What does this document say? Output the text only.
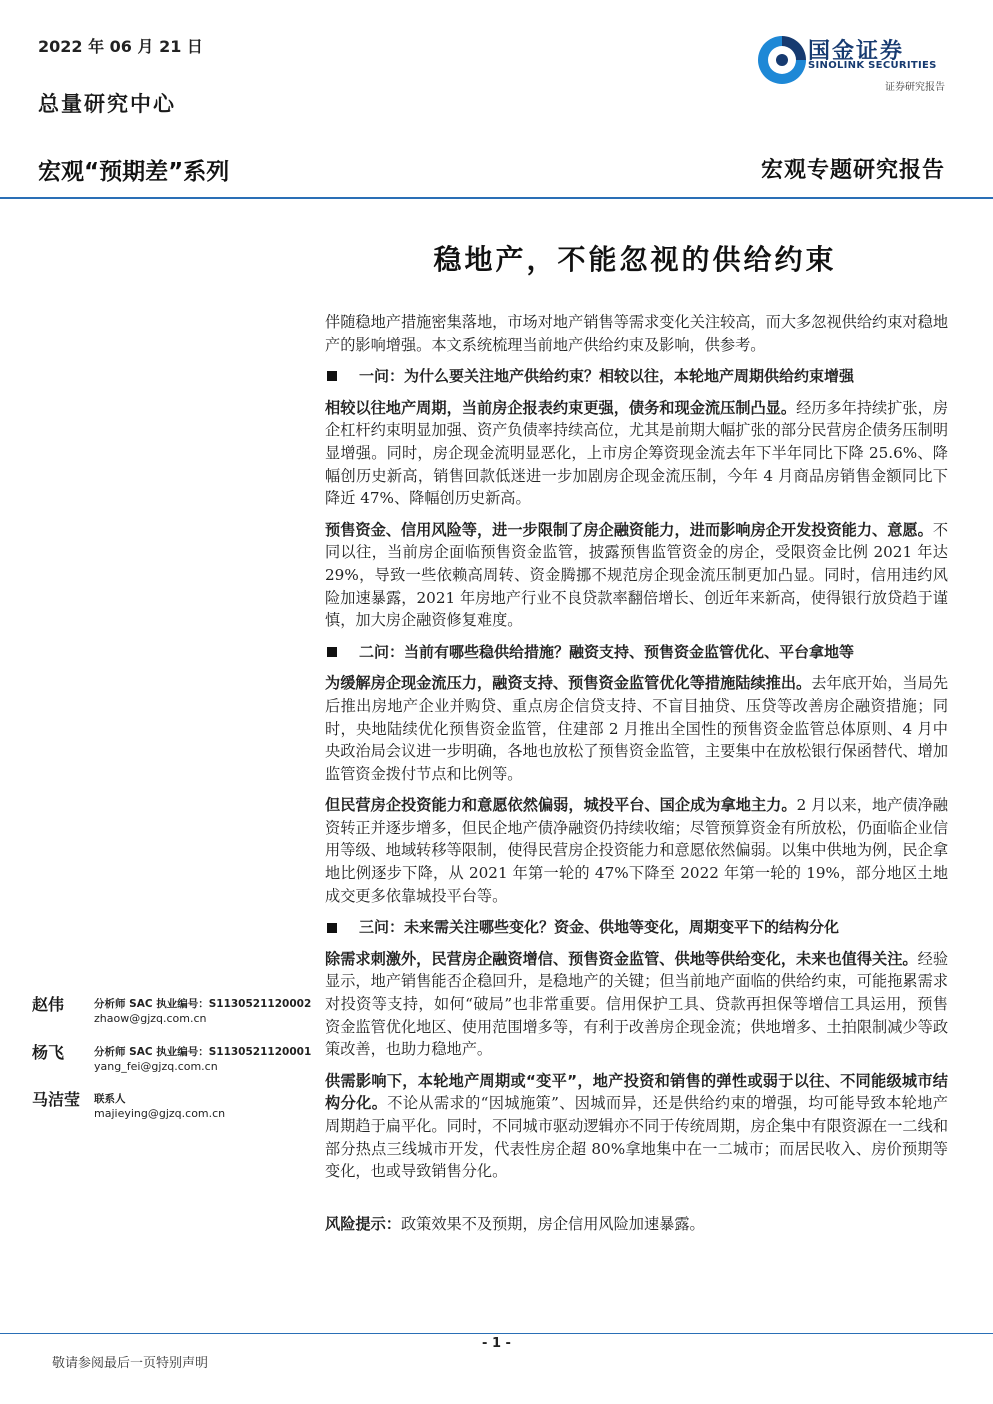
2022 年 06 月 21 日
总量研究中心
宏观“预期差”系列	宏观专题研究报告
国金证券
SINOLINK SECURITIES
证券研究报告
稳地产，不能忽视的供给约束

伴随稳地产措施密集落地，市场对地产销售等需求变化关注较高，而大多忽视供给约束对稳地产的影响增强。本文系统梳理当前地产供给约束及影响，供参考。

一问：为什么要关注地产供给约束？相较以往，本轮地产周期供给约束增强

相较以往地产周期，当前房企报表约束更强，债务和现金流压制凸显。经历多年持续扩张，房企杠杆约束明显加强、资产负债率持续高位，尤其是前期大幅扩张的部分民营房企债务压制明显增强。同时，房企现金流明显恶化，上市房企筹资现金流去年下半年同比下降 25.6%、降幅创历史新高，销售回款低迷进一步加剧房企现金流压制，今年 4 月商品房销售金额同比下降近 47%、降幅创历史新高。

预售资金、信用风险等，进一步限制了房企融资能力，进而影响房企开发投资能力、意愿。不同以往，当前房企面临预售资金监管，披露预售监管资金的房企，受限资金比例 2021 年达 29%，导致一些依赖高周转、资金腾挪不规范房企现金流压制更加凸显。同时，信用违约风险加速暴露，2021 年房地产行业不良贷款率翻倍增长、创近年来新高，使得银行放贷趋于谨慎，加大房企融资修复难度。

二问：当前有哪些稳供给措施？融资支持、预售资金监管优化、平台拿地等

为缓解房企现金流压力，融资支持、预售资金监管优化等措施陆续推出。去年底开始，当局先后推出房地产企业并购贷、重点房企信贷支持、不盲目抽贷、压贷等改善房企融资措施；同时，央地陆续优化预售资金监管，住建部 2 月推出全国性的预售资金监管总体原则、4 月中央政治局会议进一步明确，各地也放松了预售资金监管，主要集中在放松银行保函替代、增加监管资金拨付节点和比例等。

但民营房企投资能力和意愿依然偏弱，城投平台、国企成为拿地主力。2 月以来，地产债净融资转正并逐步增多，但民企地产债净融资仍持续收缩；尽管预算资金有所放松，仍面临企业信用等级、地域转移等限制，使得民营房企投资能力和意愿依然偏弱。以集中供地为例，民企拿地比例逐步下降，从 2021 年第一轮的 47%下降至 2022 年第一轮的 19%，部分地区土地成交更多依靠城投平台等。

三问：未来需关注哪些变化？资金、供地等变化，周期变平下的结构分化

除需求刺激外，民营房企融资增信、预售资金监管、供地等供给变化，未来也值得关注。经验显示，地产销售能否企稳回升，是稳地产的关键；但当前地产面临的供给约束，可能拖累需求对投资等支持，如何“破局”也非常重要。信用保护工具、贷款再担保等增信工具运用，预售资金监管优化地区、使用范围增多等，有利于改善房企现金流；供地增多、土拍限制减少等政策改善，也助力稳地产。

供需影响下，本轮地产周期或“变平”，地产投资和销售的弹性或弱于以往、不同能级城市结构分化。不论从需求的“因城施策”、因城而异，还是供给约束的增强，均可能导致本轮地产周期趋于扁平化。同时，不同城市驱动逻辑亦不同于传统周期，房企集中有限资源在一二线和部分热点三线城市开发，代表性房企超 80%拿地集中在一二城市；而居民收入、房价预期等变化，也或导致销售分化。

风险提示：政策效果不及预期，房企信用风险加速暴露。

赵伟	分析师 SAC 执业编号：S1130521120002
zhaow@gjzq.com.cn
杨飞	分析师 SAC 执业编号：S1130521120001
yang_fei@gjzq.com.cn
马洁莹 联系人
majieying@gjzq.com.cn
- 1 -
敬请参阅最后一页特别声明
